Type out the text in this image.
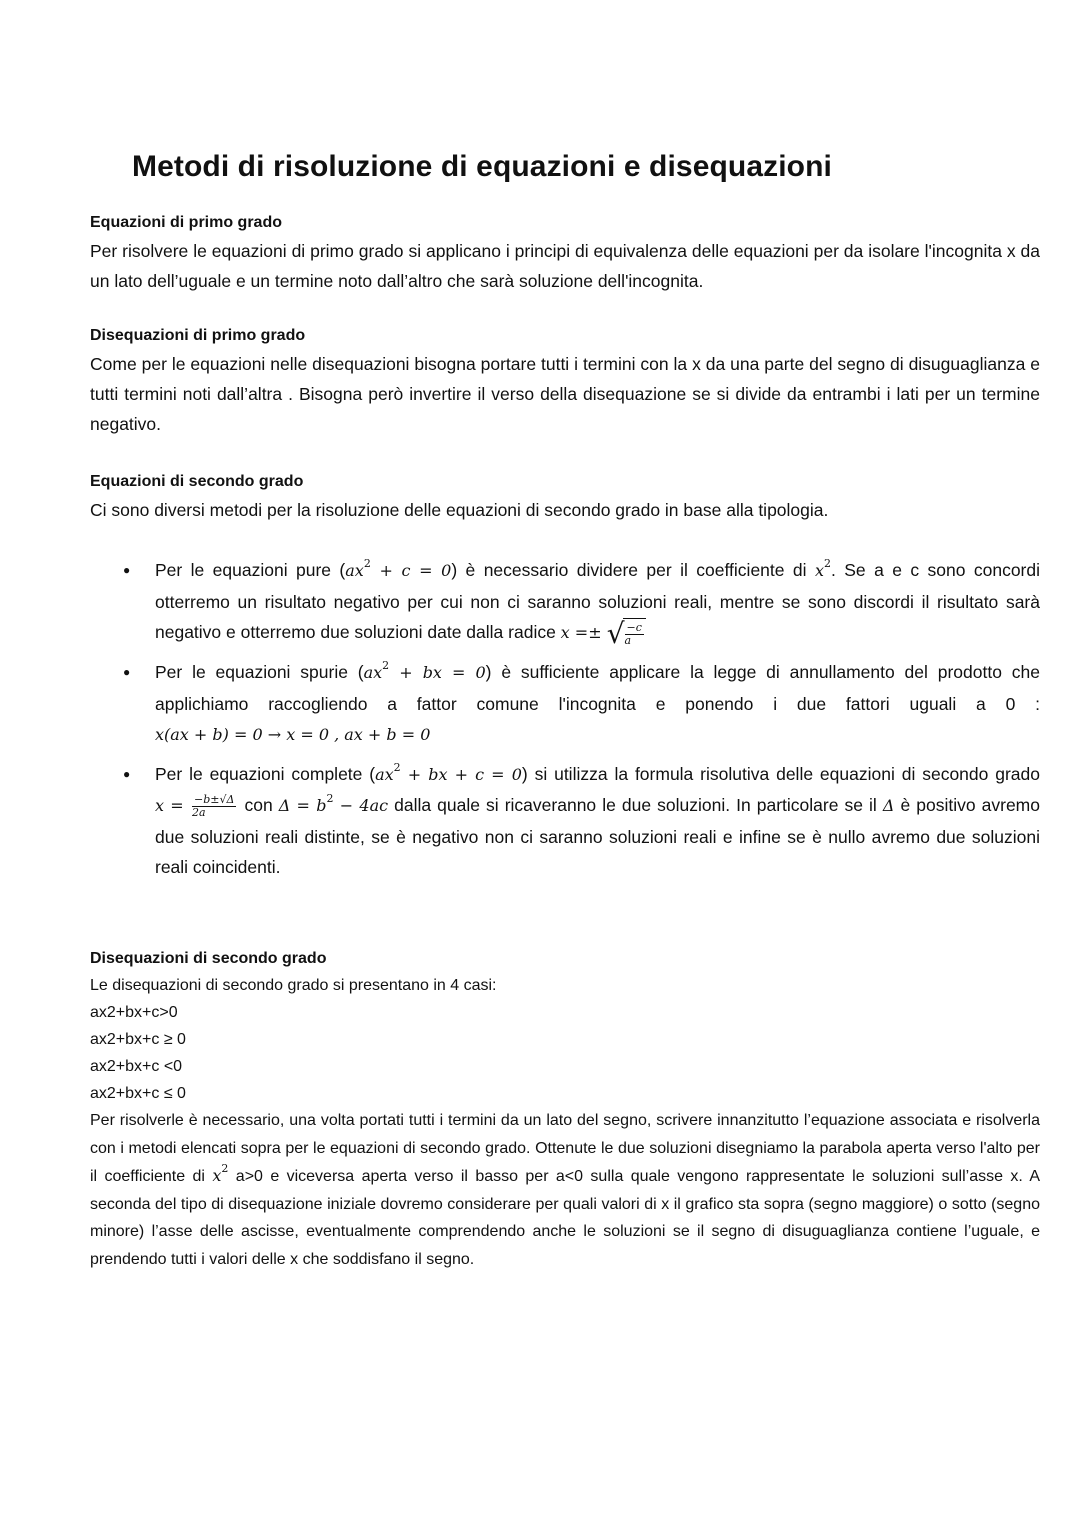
Metodi di risoluzione di equazioni e disequazioni
Equazioni di primo grado
Per risolvere le equazioni di primo grado si applicano i principi di equivalenza delle equazioni per da isolare l'incognita x da un lato dell’uguale e un termine noto dall’altro che sarà soluzione dell'incognita.
Disequazioni di primo grado
Come per le equazioni nelle disequazioni bisogna portare tutti i termini con la x da una parte del segno di disuguaglianza e tutti termini noti dall’altra . Bisogna però invertire il verso della disequazione se si divide da entrambi i lati per un termine negativo.
Equazioni di secondo grado
Ci sono diversi metodi per la risoluzione delle equazioni di secondo grado in base alla tipologia.
● Per le equazioni pure $(ax^2 + c = 0)$ è necessario dividere per il coefficiente di $x^2$. Se a e c sono concordi otterremo un risultato negativo per cui non ci saranno soluzioni reali, mentre se sono discordi il risultato sarà negativo e otterremo due soluzioni date dalla radice x =± √ $\frac{-c}{a}$
● Per le equazioni spurie ($ax^2$ + bx = 0) è sufficiente applicare la legge di annullamento del prodotto che applichiamo raccogliendo a fattor comune l'incognita e ponendo i due fattori uguali a 0 : x(ax + b) = 0 → x = 0 , ax + b = 0
● Per le equazioni complete ($ax^2$ + bx + c = 0) si utilizza la formula risolutiva delle equazioni di secondo grado $x = \frac{-b\pm√\Delta}{2a}$ con $\Delta = b^2 - 4ac$ dalla quale si ricaveranno le due soluzioni. In particolare se il Δ è positivo avremo due soluzioni reali distinte, se è negativo non ci saranno soluzioni reali e infine se è nullo avremo due soluzioni reali coincidenti.
Disequazioni di secondo grado
Le disequazioni di secondo grado si presentano in 4 casi:
ax2+bx+c>0
ax2+bx+c ≥ 0
ax2+bx+c <0
ax2+bx+c ≤ 0
Per risolverle è necessario, una volta portati tutti i termini da un lato del segno, scrivere innanzitutto l’equazione associata e risolverla con i metodi elencati sopra per le equazioni di secondo grado. Ottenute le due soluzioni disegniamo la parabola aperta verso l'alto per il coefficiente di $x^2$ a>0 e viceversa aperta verso il basso per a<0 sulla quale vengono rappresentate le soluzioni sull’asse x. A seconda del tipo di disequazione iniziale dovremo considerare per quali valori di x il grafico sta sopra (segno maggiore) o sotto (segno minore) l’asse delle ascisse, eventualmente comprendendo anche le soluzioni se il segno di disuguaglianza contiene l’uguale, e prendendo tutti i valori delle x che soddisfano il segno.
